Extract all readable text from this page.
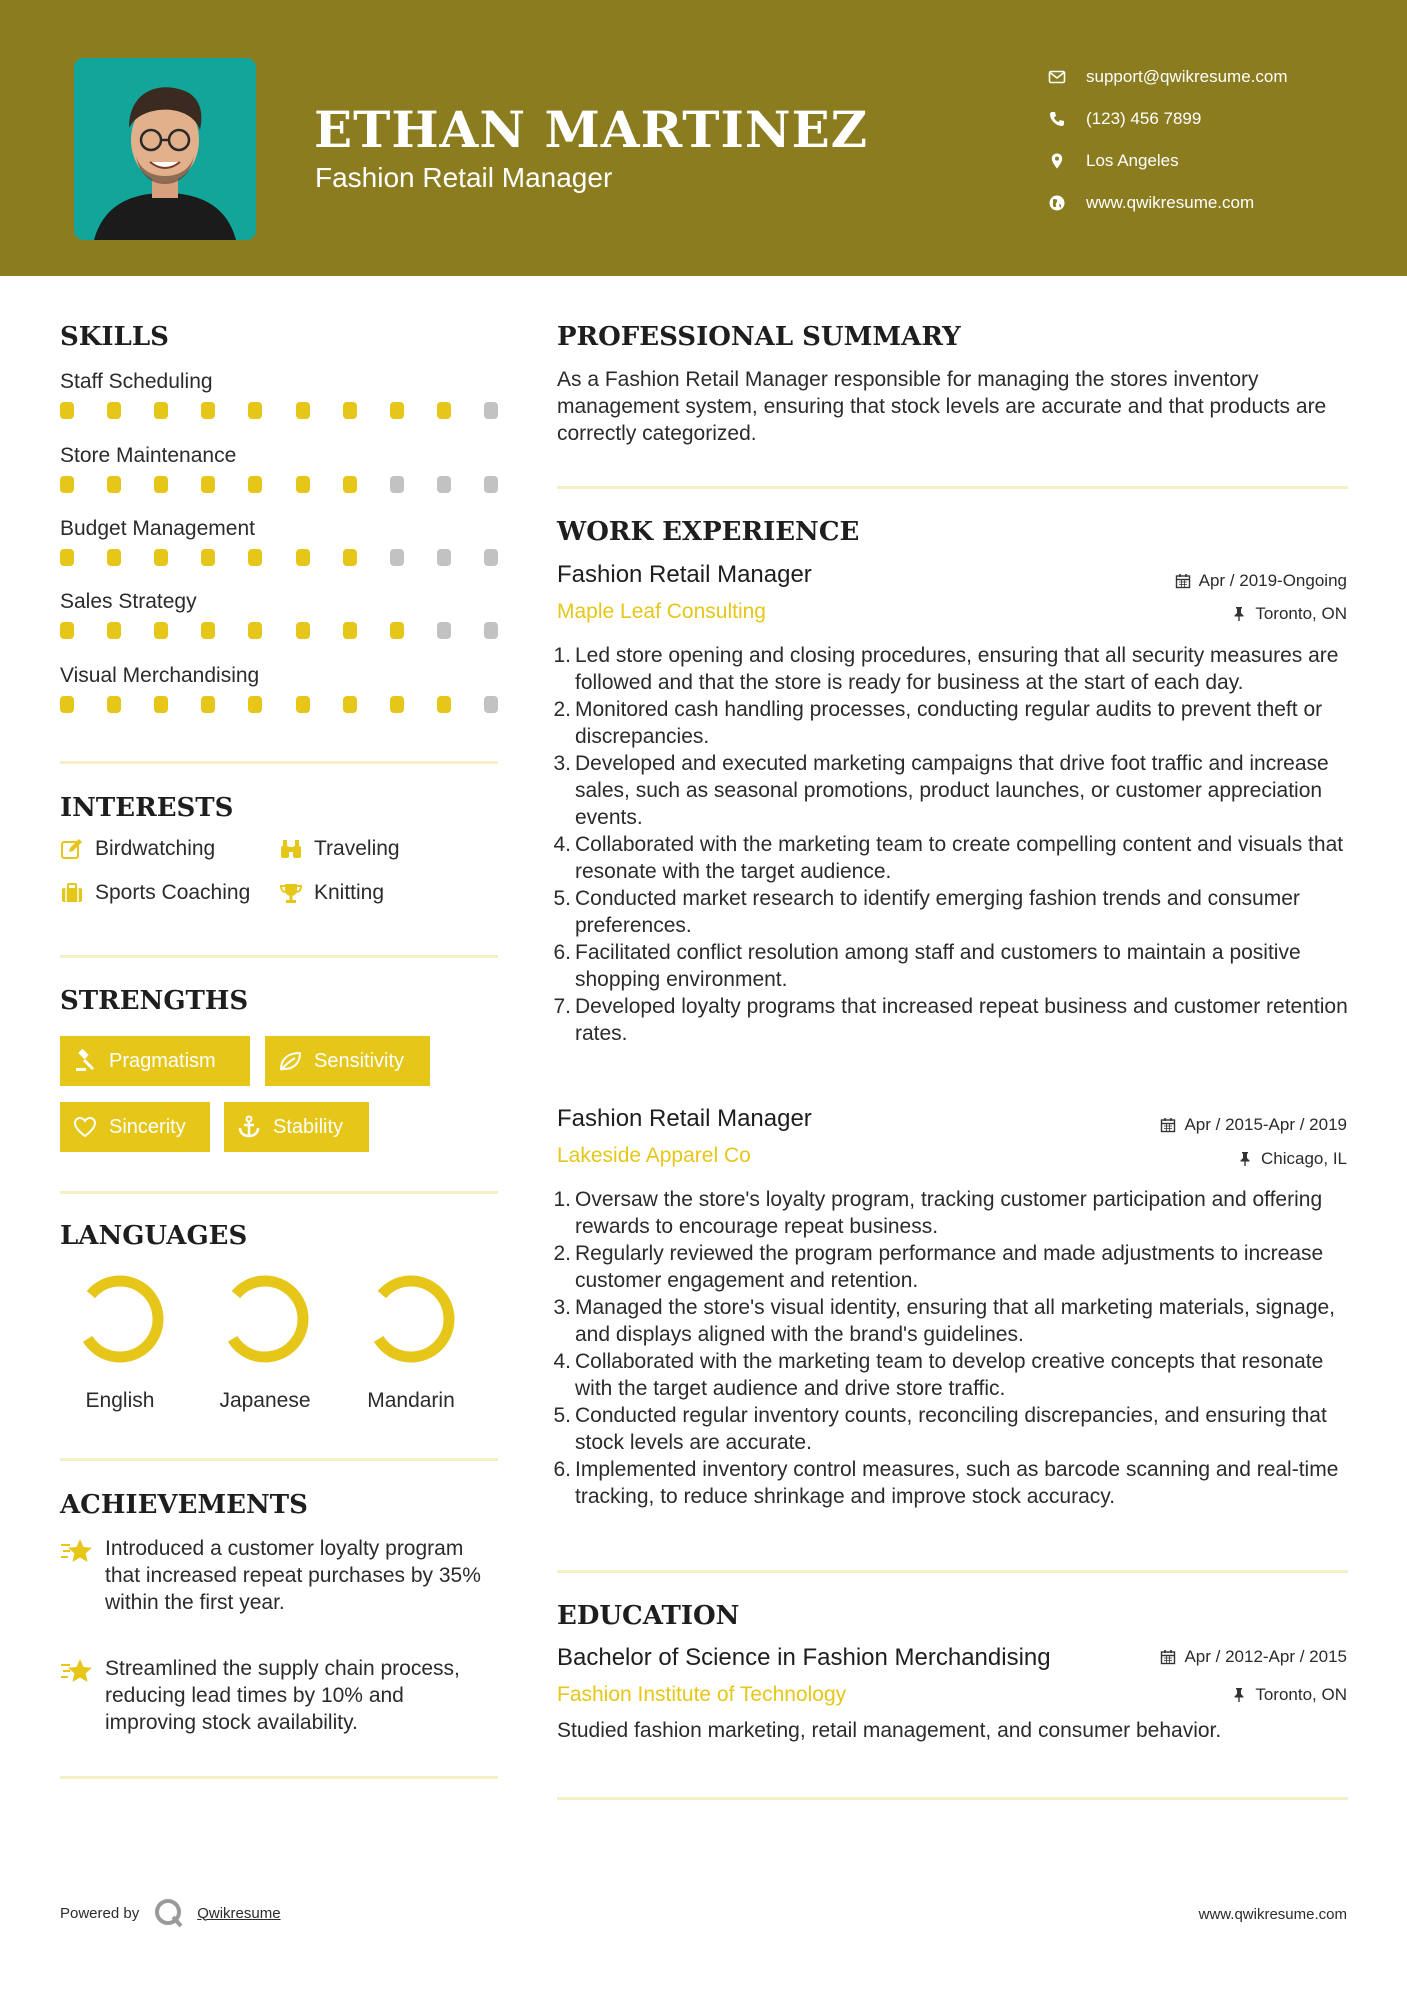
ETHAN MARTINEZ
Fashion Retail Manager
support@qwikresume.com
(123) 456 7899
Los Angeles
www.qwikresume.com
SKILLS
Staff Scheduling
Store Maintenance
Budget Management
Sales Strategy
Visual Merchandising
INTERESTS
Birdwatching	Traveling
Sports Coaching	Knitting
STRENGTHS
Pragmatism	Sensitivity
Sincerity	Stability
LANGUAGES
English	Japanese	Mandarin
ACHIEVEMENTS
Introduced a customer loyalty program that increased repeat purchases by 35% within the first year.
Streamlined the supply chain process, reducing lead times by 10% and improving stock availability.
PROFESSIONAL SUMMARY
As a Fashion Retail Manager responsible for managing the stores inventory management system, ensuring that stock levels are accurate and that products are correctly categorized.
WORK EXPERIENCE
Fashion Retail Manager	Apr / 2019-Ongoing
Maple Leaf Consulting	Toronto, ON
1. Led store opening and closing procedures, ensuring that all security measures are followed and that the store is ready for business at the start of each day.
2. Monitored cash handling processes, conducting regular audits to prevent theft or discrepancies.
3. Developed and executed marketing campaigns that drive foot traffic and increase sales, such as seasonal promotions, product launches, or customer appreciation events.
4. Collaborated with the marketing team to create compelling content and visuals that resonate with the target audience.
5. Conducted market research to identify emerging fashion trends and consumer preferences.
6. Facilitated conflict resolution among staff and customers to maintain a positive shopping environment.
7. Developed loyalty programs that increased repeat business and customer retention rates.
Fashion Retail Manager	Apr / 2015-Apr / 2019
Lakeside Apparel Co	Chicago, IL
1. Oversaw the store's loyalty program, tracking customer participation and offering rewards to encourage repeat business.
2. Regularly reviewed the program performance and made adjustments to increase customer engagement and retention.
3. Managed the store's visual identity, ensuring that all marketing materials, signage, and displays aligned with the brand's guidelines.
4. Collaborated with the marketing team to develop creative concepts that resonate with the target audience and drive store traffic.
5. Conducted regular inventory counts, reconciling discrepancies, and ensuring that stock levels are accurate.
6. Implemented inventory control measures, such as barcode scanning and real-time tracking, to reduce shrinkage and improve stock accuracy.
EDUCATION
Bachelor of Science in Fashion Merchandising	Apr / 2012-Apr / 2015
Fashion Institute of Technology	Toronto, ON
Studied fashion marketing, retail management, and consumer behavior.
Powered by	Qwikresume	www.qwikresume.com
